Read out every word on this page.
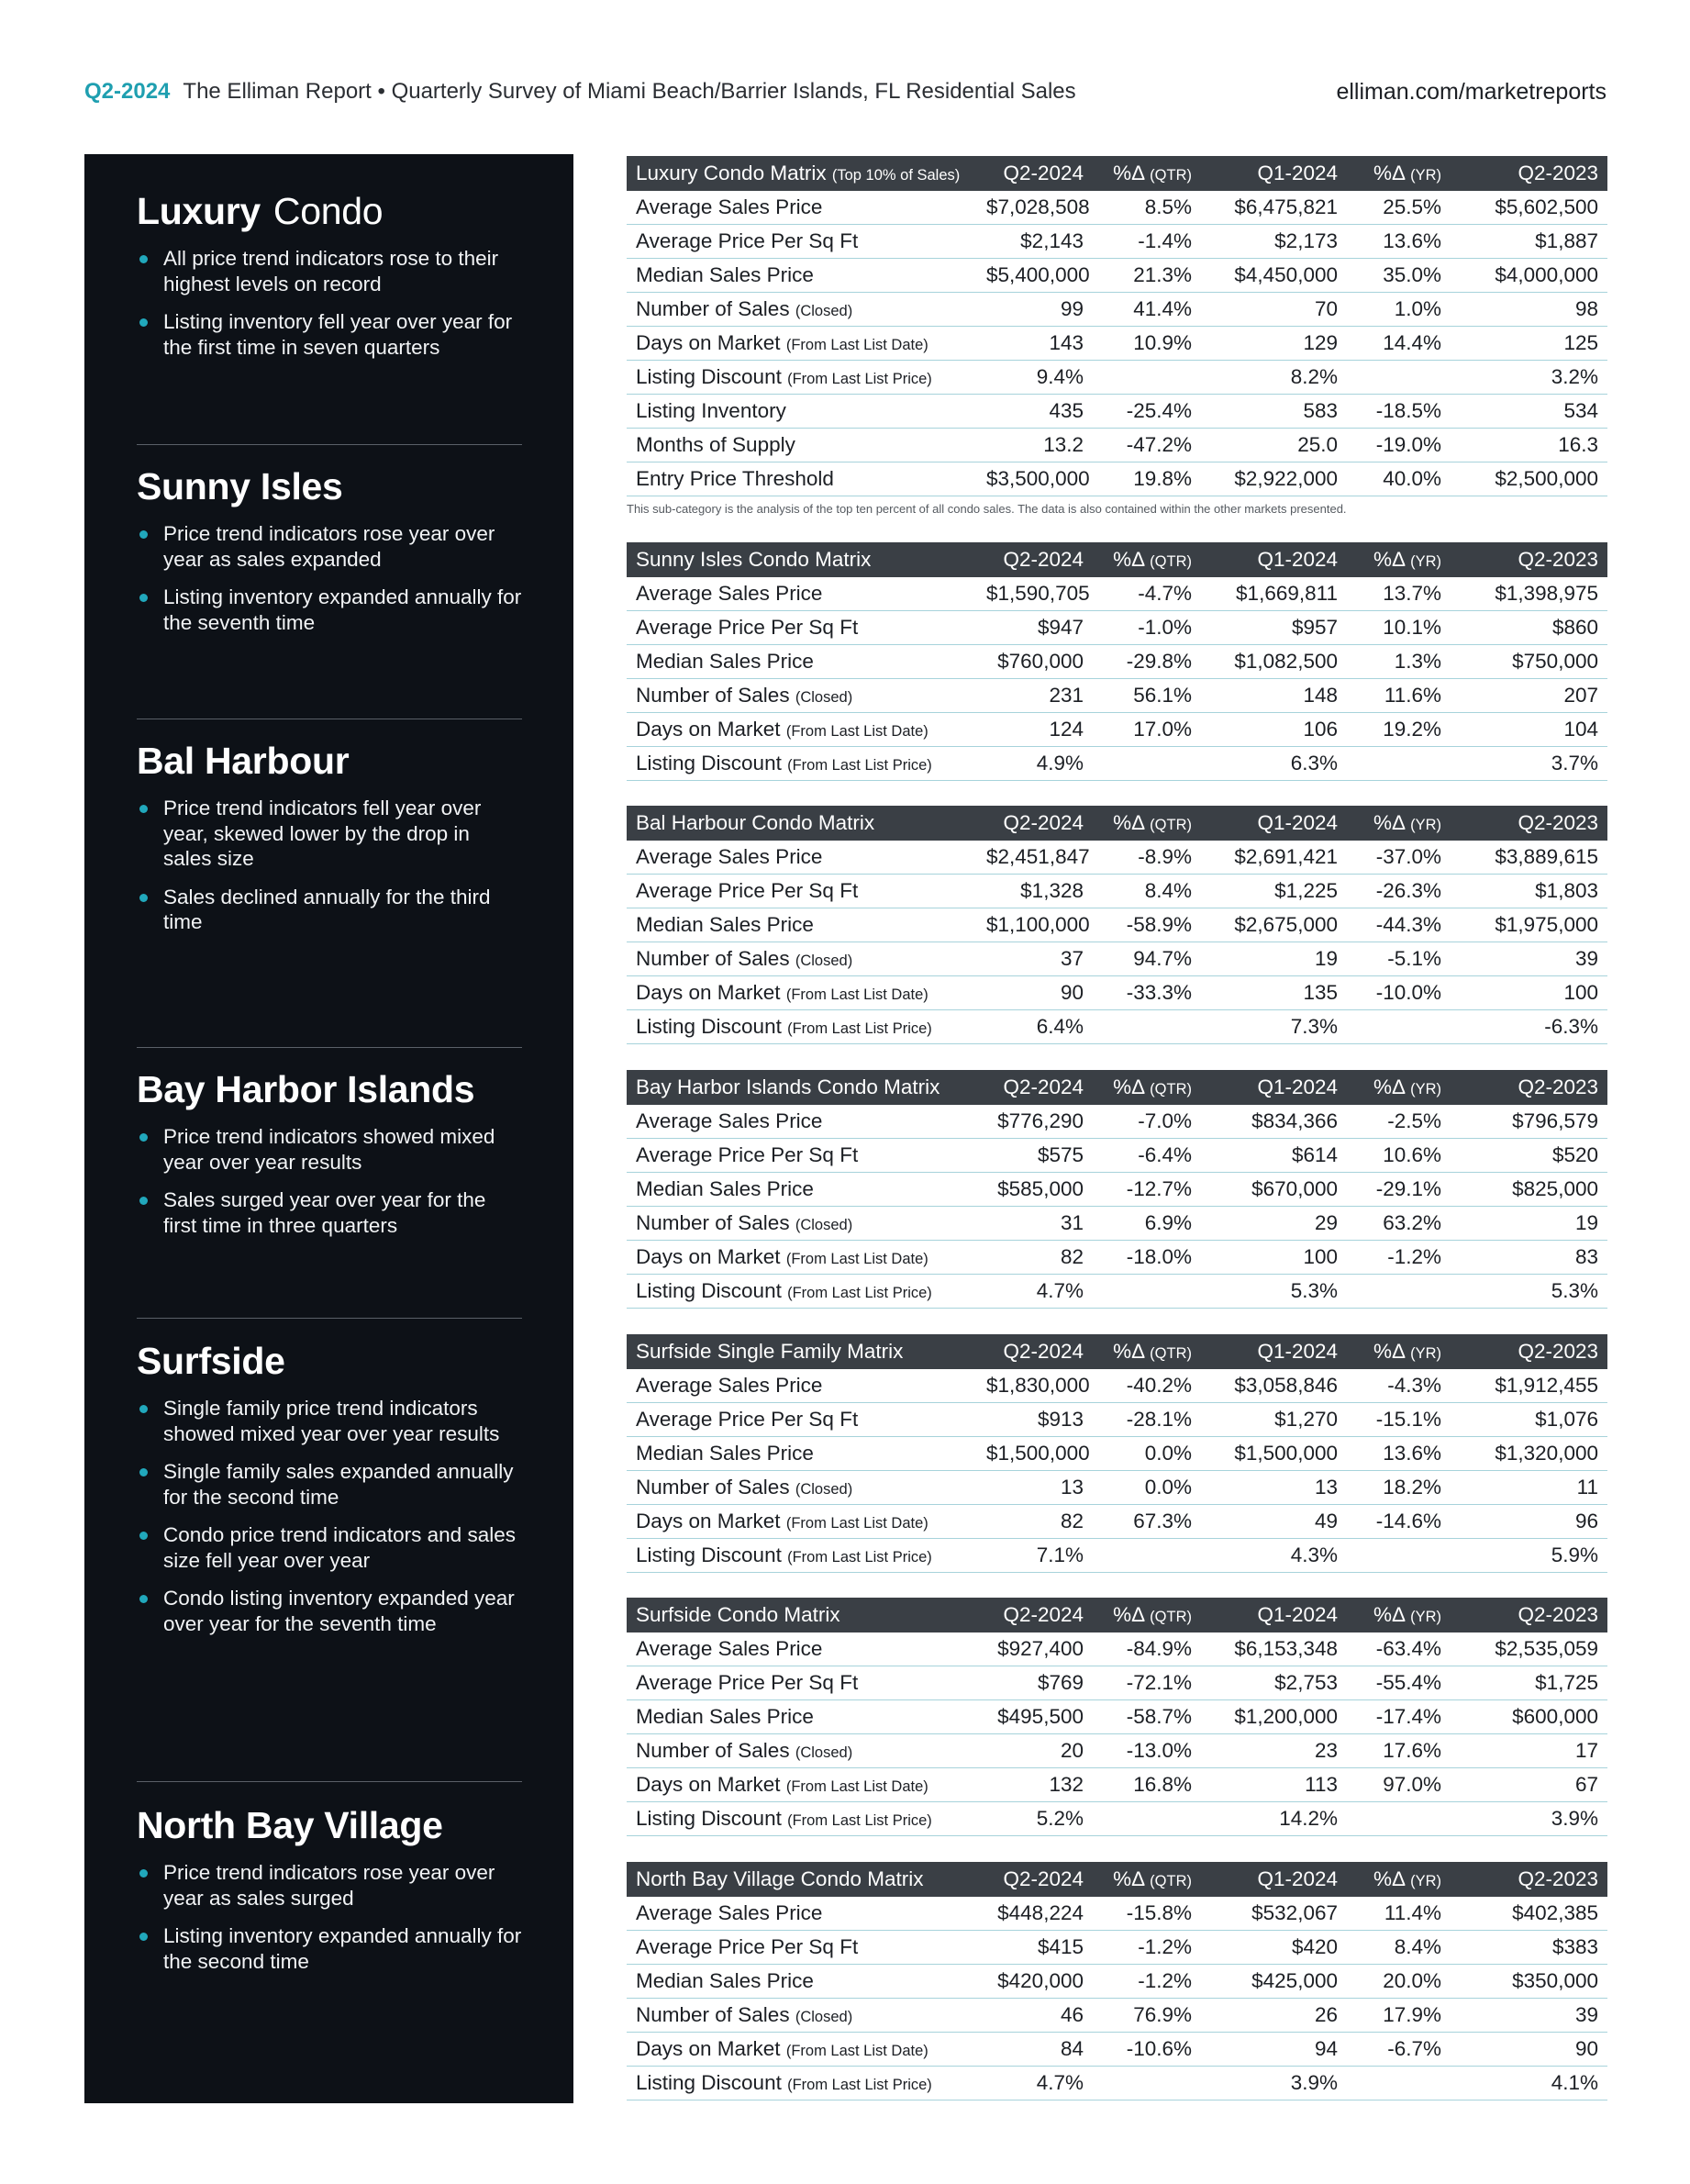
Q2-2024 The Elliman Report • Quarterly Survey of Miami Beach/Barrier Islands, FL Residential Sales	elliman.com/marketreports
Luxury Condo
All price trend indicators rose to their highest levels on record
Listing inventory fell year over year for the first time in seven quarters
Sunny Isles
Price trend indicators rose year over year as sales expanded
Listing inventory expanded annually for the seventh time
Bal Harbour
Price trend indicators fell year over year, skewed lower by the drop in sales size
Sales declined annually for the third time
Bay Harbor Islands
Price trend indicators showed mixed year over year results
Sales surged year over year for the first time in three quarters
Surfside
Single family price trend indicators showed mixed year over year results
Single family sales expanded annually for the second time
Condo price trend indicators and sales size fell year over year
Condo listing inventory expanded year over year for the seventh time
North Bay Village
Price trend indicators rose year over year as sales surged
Listing inventory expanded annually for the second time
Luxury Condo Matrix (Top 10% of Sales)	Q2-2024	%Δ (QTR)	Q1-2024	%Δ (YR)	Q2-2023
Average Sales Price	$7,028,508	8.5%	$6,475,821	25.5%	$5,602,500
Average Price Per Sq Ft	$2,143	-1.4%	$2,173	13.6%	$1,887
Median Sales Price	$5,400,000	21.3%	$4,450,000	35.0%	$4,000,000
Number of Sales (Closed)	99	41.4%	70	1.0%	98
Days on Market (From Last List Date)	143	10.9%	129	14.4%	125
Listing Discount (From Last List Price)	9.4%		8.2%		3.2%
Listing Inventory	435	-25.4%	583	-18.5%	534
Months of Supply	13.2	-47.2%	25.0	-19.0%	16.3
Entry Price Threshold	$3,500,000	19.8%	$2,922,000	40.0%	$2,500,000
This sub-category is the analysis of the top ten percent of all condo sales. The data is also contained within the other markets presented.
Sunny Isles Condo Matrix	Q2-2024	%Δ (QTR)	Q1-2024	%Δ (YR)	Q2-2023
Average Sales Price	$1,590,705	-4.7%	$1,669,811	13.7%	$1,398,975
Average Price Per Sq Ft	$947	-1.0%	$957	10.1%	$860
Median Sales Price	$760,000	-29.8%	$1,082,500	1.3%	$750,000
Number of Sales (Closed)	231	56.1%	148	11.6%	207
Days on Market (From Last List Date)	124	17.0%	106	19.2%	104
Listing Discount (From Last List Price)	4.9%		6.3%		3.7%
Bal Harbour Condo Matrix	Q2-2024	%Δ (QTR)	Q1-2024	%Δ (YR)	Q2-2023
Average Sales Price	$2,451,847	-8.9%	$2,691,421	-37.0%	$3,889,615
Average Price Per Sq Ft	$1,328	8.4%	$1,225	-26.3%	$1,803
Median Sales Price	$1,100,000	-58.9%	$2,675,000	-44.3%	$1,975,000
Number of Sales (Closed)	37	94.7%	19	-5.1%	39
Days on Market (From Last List Date)	90	-33.3%	135	-10.0%	100
Listing Discount (From Last List Price)	6.4%		7.3%		-6.3%
Bay Harbor Islands Condo Matrix	Q2-2024	%Δ (QTR)	Q1-2024	%Δ (YR)	Q2-2023
Average Sales Price	$776,290	-7.0%	$834,366	-2.5%	$796,579
Average Price Per Sq Ft	$575	-6.4%	$614	10.6%	$520
Median Sales Price	$585,000	-12.7%	$670,000	-29.1%	$825,000
Number of Sales (Closed)	31	6.9%	29	63.2%	19
Days on Market (From Last List Date)	82	-18.0%	100	-1.2%	83
Listing Discount (From Last List Price)	4.7%		5.3%		5.3%
Surfside Single Family Matrix	Q2-2024	%Δ (QTR)	Q1-2024	%Δ (YR)	Q2-2023
Average Sales Price	$1,830,000	-40.2%	$3,058,846	-4.3%	$1,912,455
Average Price Per Sq Ft	$913	-28.1%	$1,270	-15.1%	$1,076
Median Sales Price	$1,500,000	0.0%	$1,500,000	13.6%	$1,320,000
Number of Sales (Closed)	13	0.0%	13	18.2%	11
Days on Market (From Last List Date)	82	67.3%	49	-14.6%	96
Listing Discount (From Last List Price)	7.1%		4.3%		5.9%
Surfside Condo Matrix	Q2-2024	%Δ (QTR)	Q1-2024	%Δ (YR)	Q2-2023
Average Sales Price	$927,400	-84.9%	$6,153,348	-63.4%	$2,535,059
Average Price Per Sq Ft	$769	-72.1%	$2,753	-55.4%	$1,725
Median Sales Price	$495,500	-58.7%	$1,200,000	-17.4%	$600,000
Number of Sales (Closed)	20	-13.0%	23	17.6%	17
Days on Market (From Last List Date)	132	16.8%	113	97.0%	67
Listing Discount (From Last List Price)	5.2%		14.2%		3.9%
North Bay Village Condo Matrix	Q2-2024	%Δ (QTR)	Q1-2024	%Δ (YR)	Q2-2023
Average Sales Price	$448,224	-15.8%	$532,067	11.4%	$402,385
Average Price Per Sq Ft	$415	-1.2%	$420	8.4%	$383
Median Sales Price	$420,000	-1.2%	$425,000	20.0%	$350,000
Number of Sales (Closed)	46	76.9%	26	17.9%	39
Days on Market (From Last List Date)	84	-10.6%	94	-6.7%	90
Listing Discount (From Last List Price)	4.7%		3.9%		4.1%
